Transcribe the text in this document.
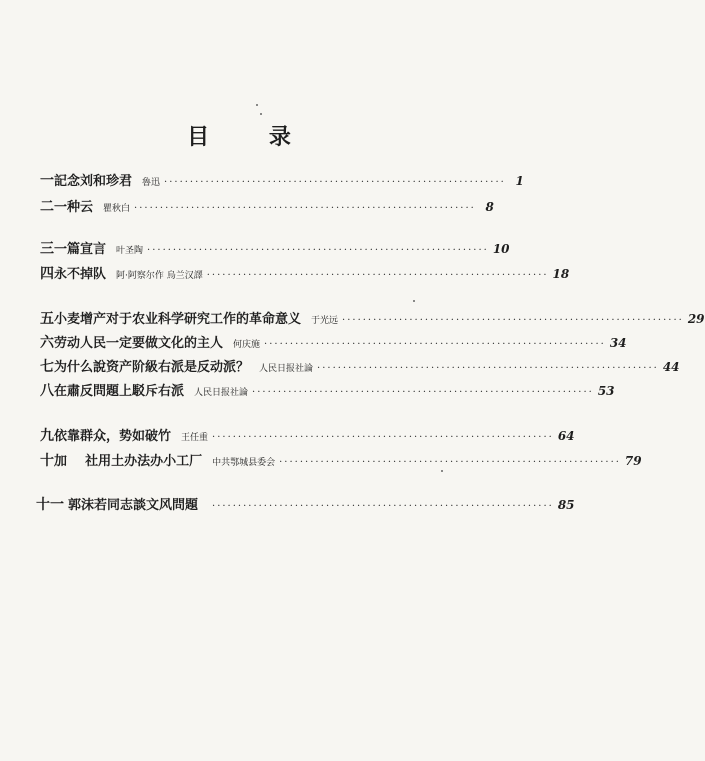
目 录
一 記念刘和珍君 魯迅 ·································································· 1
二 一种云 瞿秋白 ·································································· 8
三 一篇宣言 叶圣陶 ·································································· 10
四 永不掉队 阿·阿察尔作 烏兰汉譯 ·································································· 18
五 小麦增产对于农业科学研究工作的革命意义 于光远 ·································································· 29
六 劳动人民一定要做文化的主人 何庆施 ·································································· 34
七 为什么說资产阶級右派是反动派？ 人民日报社論 ·································································· 44
八 在肅反問題上駁斥右派 人民日报社論 ·································································· 53
九 依靠群众，势如破竹 王任重 ·································································· 64
十 加    社用土办法办小工厂 中共鄂城县委会 ·································································· 79
十一 郭沫若同志談文风問題 ·································································· 85
